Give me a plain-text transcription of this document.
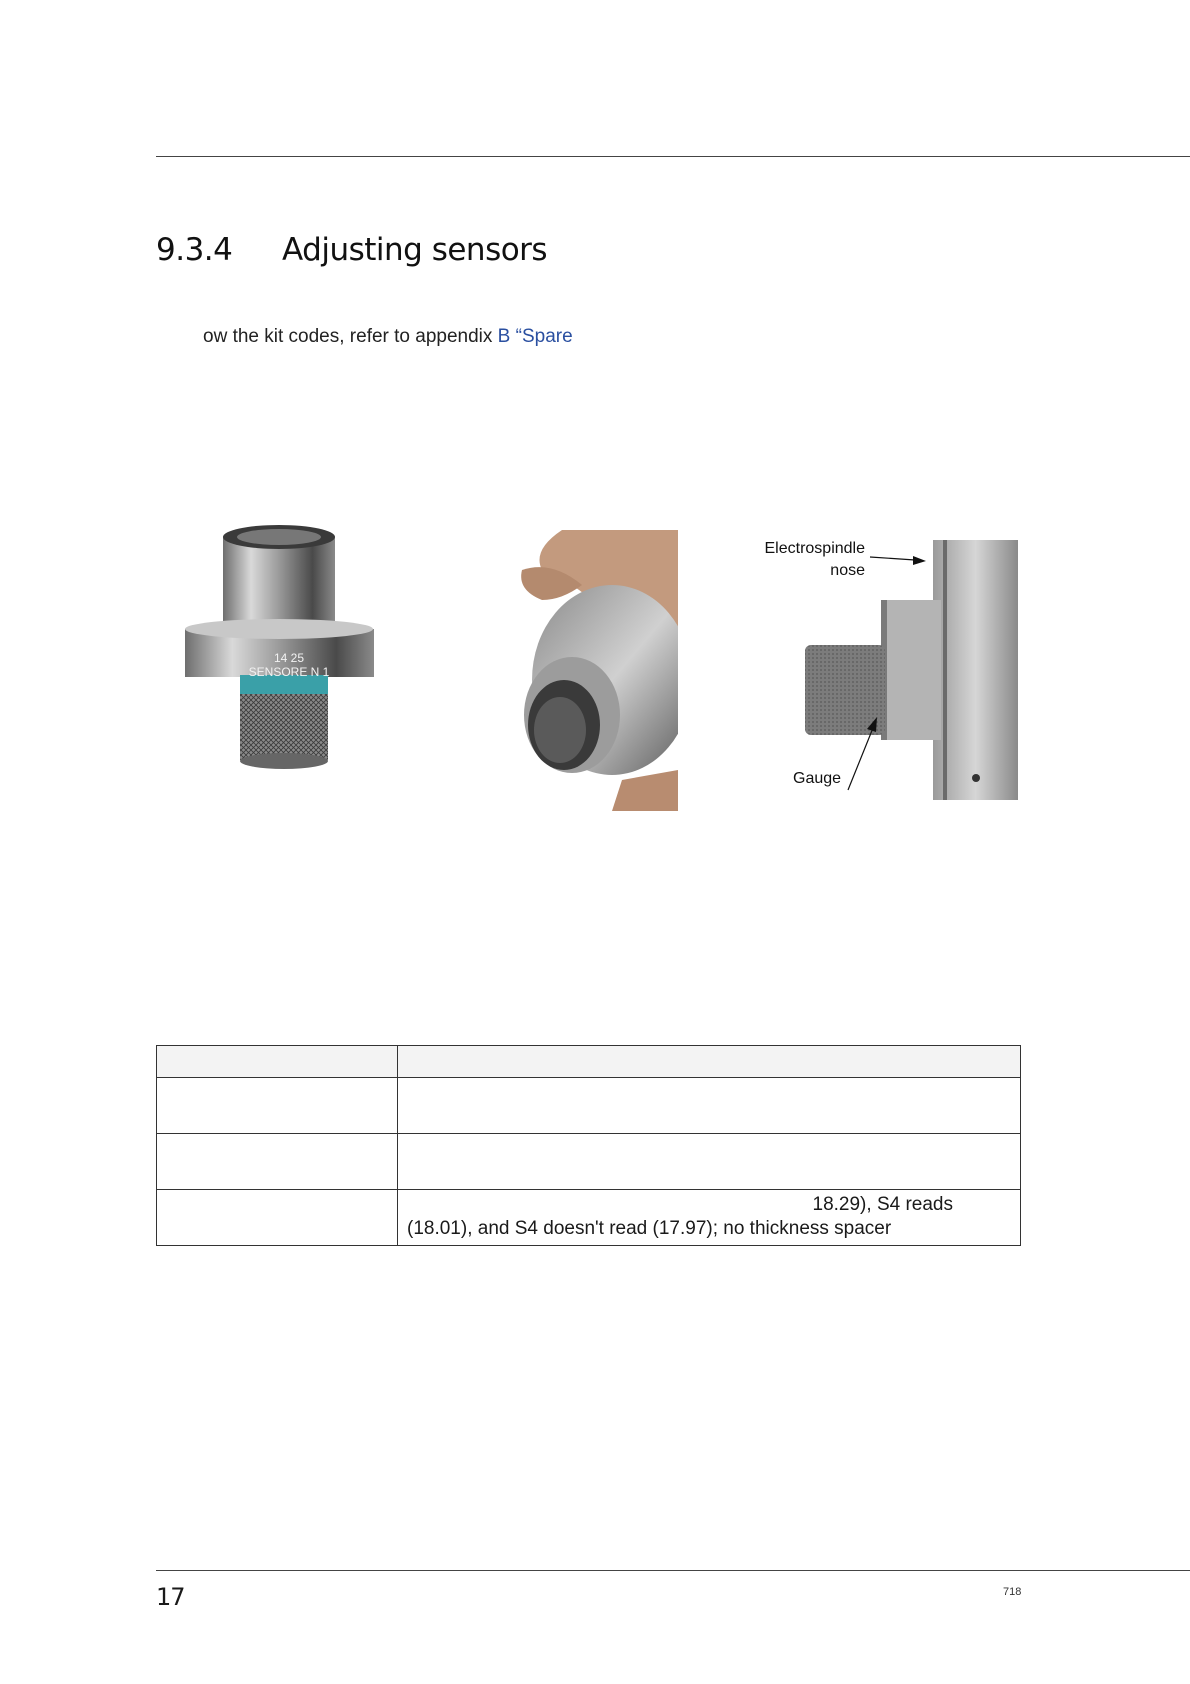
9.3.4 Adjusting sensors
ow the kit codes, refer to appendix B “Spare
14 25
SENSORE N 1
Electrospindle
nose
Gauge

	18.29), S4 reads
(18.01), and S4 doesn't read (17.97); no thickness spacer
17	718
